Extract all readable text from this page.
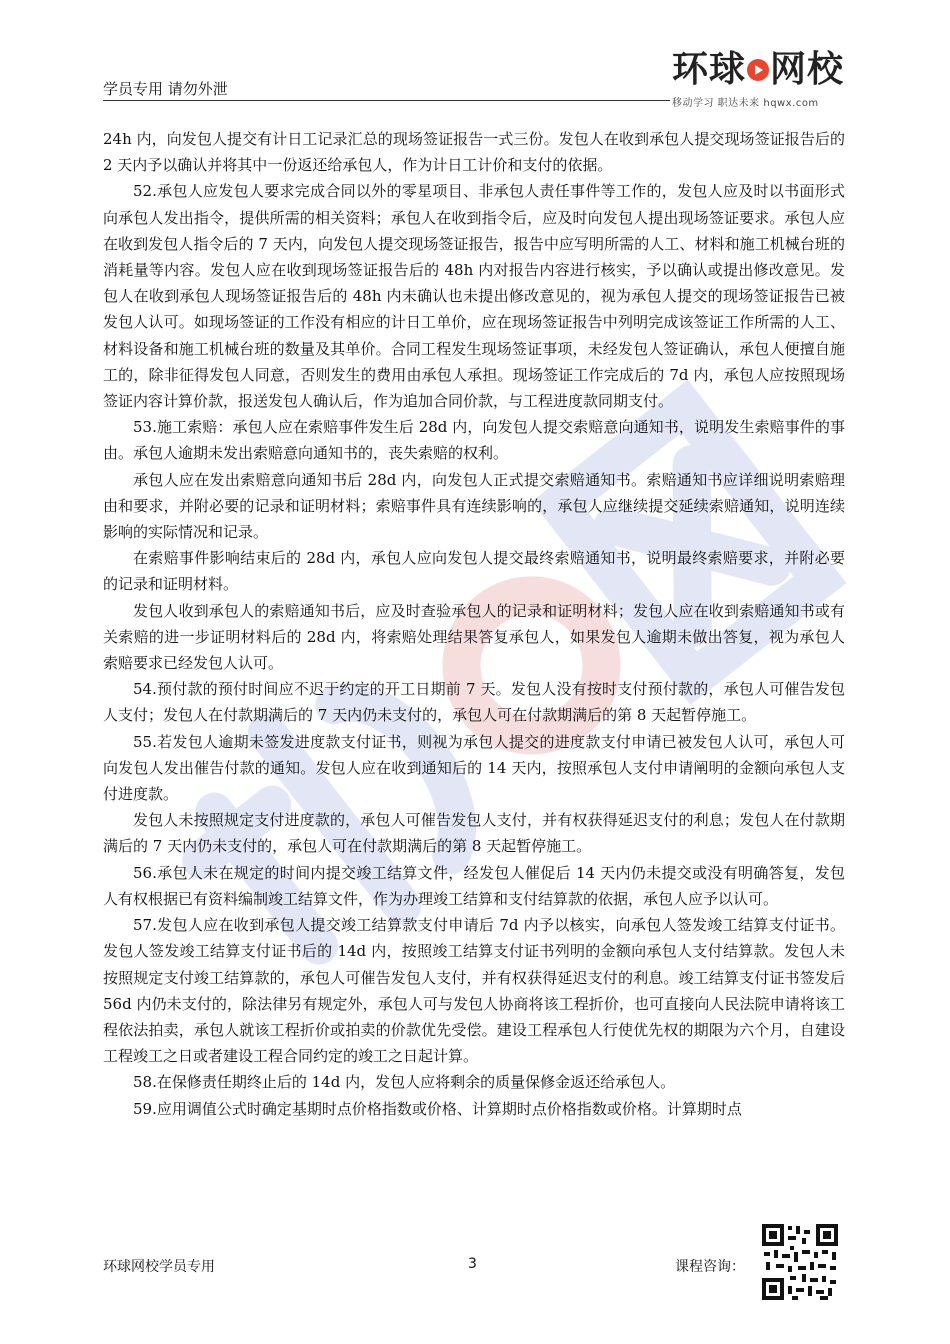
学员专用 请勿外泄	环球 网校
移动学习 职达未来 hqwx.com

24h 内，向发包人提交有计日工记录汇总的现场签证报告一式三份。发包人在收到承包人提交现场签证报告后的 2 天内予以确认并将其中一份返还给承包人，作为计日工计价和支付的依据。

52.承包人应发包人要求完成合同以外的零星项目、非承包人责任事件等工作的，发包人应及时以书面形式向承包人发出指令，提供所需的相关资料；承包人在收到指令后，应及时向发包人提出现场签证要求。承包人应在收到发包人指令后的 7 天内，向发包人提交现场签证报告，报告中应写明所需的人工、材料和施工机械台班的消耗量等内容。发包人应在收到现场签证报告后的 48h 内对报告内容进行核实，予以确认或提出修改意见。发包人在收到承包人现场签证报告后的 48h 内未确认也未提出修改意见的，视为承包人提交的现场签证报告已被发包人认可。如现场签证的工作没有相应的计日工单价，应在现场签证报告中列明完成该签证工作所需的人工、材料设备和施工机械台班的数量及其单价。合同工程发生现场签证事项，未经发包人签证确认，承包人便擅自施工的，除非征得发包人同意，否则发生的费用由承包人承担。现场签证工作完成后的 7d 内，承包人应按照现场签证内容计算价款，报送发包人确认后，作为追加合同价款，与工程进度款同期支付。

53.施工索赔：承包人应在索赔事件发生后 28d 内，向发包人提交索赔意向通知书，说明发生索赔事件的事由。承包人逾期未发出索赔意向通知书的，丧失索赔的权利。

承包人应在发出索赔意向通知书后 28d 内，向发包人正式提交索赔通知书。索赔通知书应详细说明索赔理由和要求，并附必要的记录和证明材料；索赔事件具有连续影响的，承包人应继续提交延续索赔通知，说明连续影响的实际情况和记录。

在索赔事件影响结束后的 28d 内，承包人应向发包人提交最终索赔通知书，说明最终索赔要求，并附必要的记录和证明材料。

发包人收到承包人的索赔通知书后，应及时查验承包人的记录和证明材料；发包人应在收到索赔通知书或有关索赔的进一步证明材料后的 28d 内，将索赔处理结果答复承包人，如果发包人逾期未做出答复，视为承包人索赔要求已经发包人认可。

54.预付款的预付时间应不迟于约定的开工日期前 7 天。发包人没有按时支付预付款的，承包人可催告发包人支付；发包人在付款期满后的 7 天内仍未支付的，承包人可在付款期满后的第 8 天起暂停施工。

55.若发包人逾期未签发进度款支付证书，则视为承包人提交的进度款支付申请已被发包人认可，承包人可向发包人发出催告付款的通知。发包人应在收到通知后的 14 天内，按照承包人支付申请阐明的金额向承包人支付进度款。

发包人未按照规定支付进度款的，承包人可催告发包人支付，并有权获得延迟支付的利息；发包人在付款期满后的 7 天内仍未支付的，承包人可在付款期满后的第 8 天起暂停施工。

56.承包人未在规定的时间内提交竣工结算文件，经发包人催促后 14 天内仍未提交或没有明确答复，发包人有权根据已有资料编制竣工结算文件，作为办理竣工结算和支付结算款的依据，承包人应予以认可。

57.发包人应在收到承包人提交竣工结算款支付申请后 7d 内予以核实，向承包人签发竣工结算支付证书。发包人签发竣工结算支付证书后的 14d 内，按照竣工结算支付证书列明的金额向承包人支付结算款。发包人未按照规定支付竣工结算款的，承包人可催告发包人支付，并有权获得延迟支付的利息。竣工结算支付证书签发后 56d 内仍未支付的，除法律另有规定外，承包人可与发包人协商将该工程折价，也可直接向人民法院申请将该工程依法拍卖，承包人就该工程折价或拍卖的价款优先受偿。建设工程承包人行使优先权的期限为六个月，自建设工程竣工之日或者建设工程合同约定的竣工之日起计算。

58.在保修责任期终止后的 14d 内，发包人应将剩余的质量保修金返还给承包人。

59.应用调值公式时确定基期时点价格指数或价格、计算期时点价格指数或价格。计算期时点

环球网校学员专用	3	课程咨询：
